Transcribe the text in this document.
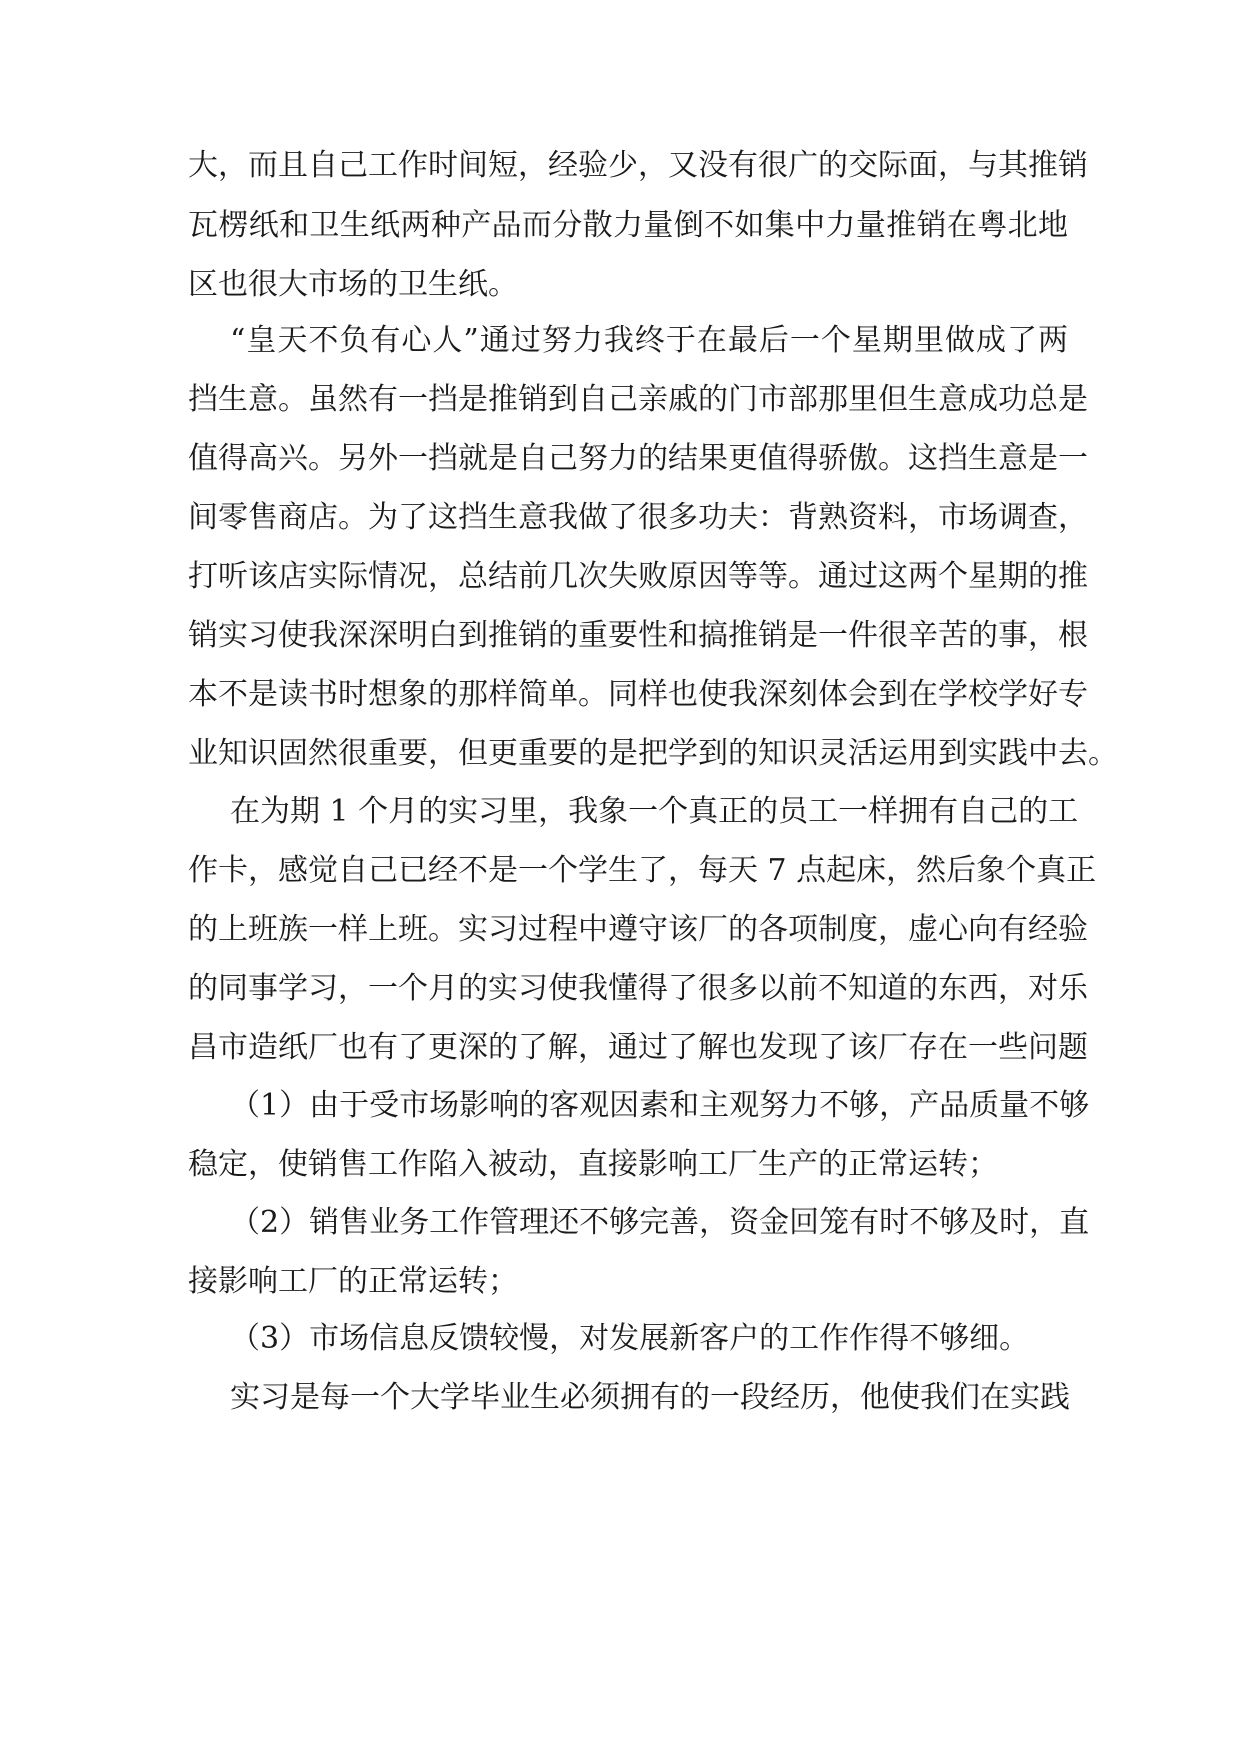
大，而且自己工作时间短，经验少，又没有很广的交际面，与其推销
瓦楞纸和卫生纸两种产品而分散力量倒不如集中力量推销在粤北地
区也很大市场的卫生纸。
“皇天不负有心人”通过努力我终于在最后一个星期里做成了两
挡生意。虽然有一挡是推销到自己亲戚的门市部那里但生意成功总是
值得高兴。另外一挡就是自己努力的结果更值得骄傲。这挡生意是一
间零售商店。为了这挡生意我做了很多功夫：背熟资料，市场调查，
打听该店实际情况，总结前几次失败原因等等。通过这两个星期的推
销实习使我深深明白到推销的重要性和搞推销是一件很辛苦的事，根
本不是读书时想象的那样简单。同样也使我深刻体会到在学校学好专
业知识固然很重要，但更重要的是把学到的知识灵活运用到实践中去。
在为期 1 个月的实习里，我象一个真正的员工一样拥有自己的工
作卡，感觉自己已经不是一个学生了，每天 7 点起床，然后象个真正
的上班族一样上班。实习过程中遵守该厂的各项制度，虚心向有经验
的同事学习，一个月的实习使我懂得了很多以前不知道的东西，对乐
昌市造纸厂也有了更深的了解，通过了解也发现了该厂存在一些问题
（1）由于受市场影响的客观因素和主观努力不够，产品质量不够
稳定，使销售工作陷入被动，直接影响工厂生产的正常运转；
（2）销售业务工作管理还不够完善，资金回笼有时不够及时，直
接影响工厂的正常运转；
（3）市场信息反馈较慢，对发展新客户的工作作得不够细。
实习是每一个大学毕业生必须拥有的一段经历，他使我们在实践
